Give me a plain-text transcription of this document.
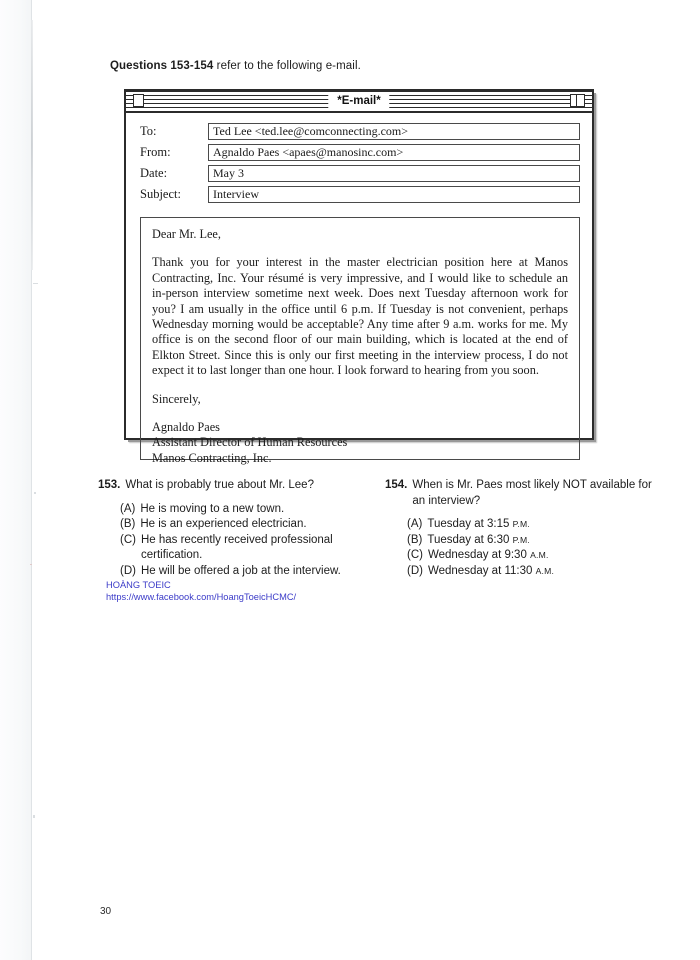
Questions 153-154 refer to the following e-mail.
*E-mail*
To:	Ted Lee <ted.lee@comconnecting.com>
From:	Agnaldo Paes <apaes@manosinc.com>
Date:	May 3
Subject:	Interview

Dear Mr. Lee,

Thank you for your interest in the master electrician position here at Manos Contracting, Inc. Your résumé is very impressive, and I would like to schedule an in-person interview sometime next week. Does next Tuesday afternoon work for you? I am usually in the office until 6 p.m. If Tuesday is not convenient, perhaps Wednesday morning would be acceptable? Any time after 9 a.m. works for me. My office is on the second floor of our main building, which is located at the end of Elkton Street. Since this is only our first meeting in the interview process, I do not expect it to last longer than one hour. I look forward to hearing from you soon.

Sincerely,

Agnaldo Paes
Assistant Director of Human Resources
Manos Contracting, Inc.

153. What is probably true about Mr. Lee?
(A) He is moving to a new town.
(B) He is an experienced electrician.
(C) He has recently received professional certification.
(D) He will be offered a job at the interview.
154. When is Mr. Paes most likely NOT available for an interview?
(A) Tuesday at 3:15 P.M.
(B) Tuesday at 6:30 P.M.
(C) Wednesday at 9:30 A.M.
(D) Wednesday at 11:30 A.M.
HOÀNG TOEIC
https://www.facebook.com/HoangToeicHCMC/
30
